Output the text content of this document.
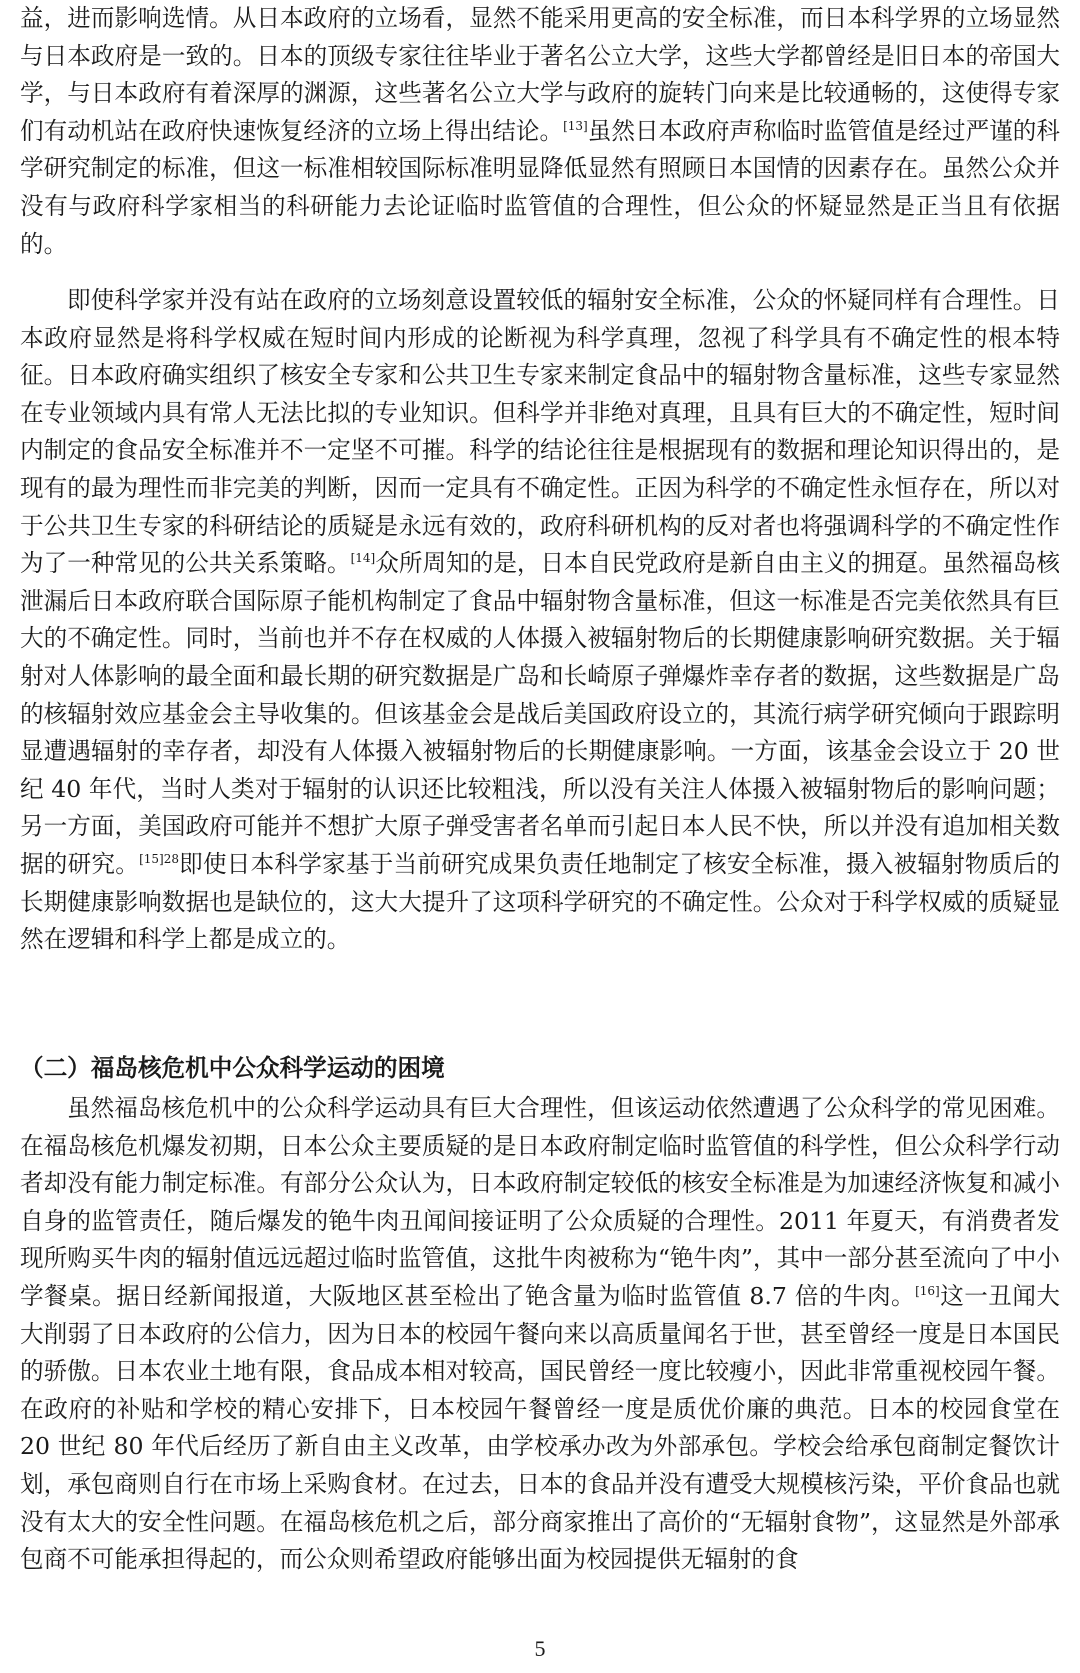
益，进而影响选情。从日本政府的立场看，显然不能采用更高的安全标准，而日本科学界的立场显然与日本政府是一致的。日本的顶级专家往往毕业于著名公立大学，这些大学都曾经是旧日本的帝国大学，与日本政府有着深厚的渊源，这些著名公立大学与政府的旋转门向来是比较通畅的，这使得专家们有动机站在政府快速恢复经济的立场上得出结论。[13]虽然日本政府声称临时监管值是经过严谨的科学研究制定的标准，但这一标准相较国际标准明显降低显然有照顾日本国情的因素存在。虽然公众并没有与政府科学家相当的科研能力去论证临时监管值的合理性，但公众的怀疑显然是正当且有依据的。
即使科学家并没有站在政府的立场刻意设置较低的辐射安全标准，公众的怀疑同样有合理性。日本政府显然是将科学权威在短时间内形成的论断视为科学真理，忽视了科学具有不确定性的根本特征。日本政府确实组织了核安全专家和公共卫生专家来制定食品中的辐射物含量标准，这些专家显然在专业领域内具有常人无法比拟的专业知识。但科学并非绝对真理，且具有巨大的不确定性，短时间内制定的食品安全标准并不一定坚不可摧。科学的结论往往是根据现有的数据和理论知识得出的，是现有的最为理性而非完美的判断，因而一定具有不确定性。正因为科学的不确定性永恒存在，所以对于公共卫生专家的科研结论的质疑是永远有效的，政府科研机构的反对者也将强调科学的不确定性作为了一种常见的公共关系策略。[14]众所周知的是，日本自民党政府是新自由主义的拥趸。虽然福岛核泄漏后日本政府联合国际原子能机构制定了食品中辐射物含量标准，但这一标准是否完美依然具有巨大的不确定性。同时，当前也并不存在权威的人体摄入被辐射物后的长期健康影响研究数据。关于辐射对人体影响的最全面和最长期的研究数据是广岛和长崎原子弹爆炸幸存者的数据，这些数据是广岛的核辐射效应基金会主导收集的。但该基金会是战后美国政府设立的，其流行病学研究倾向于跟踪明显遭遇辐射的幸存者，却没有人体摄入被辐射物后的长期健康影响。一方面，该基金会设立于 20 世纪 40 年代，当时人类对于辐射的认识还比较粗浅，所以没有关注人体摄入被辐射物后的影响问题；另一方面，美国政府可能并不想扩大原子弹受害者名单而引起日本人民不快，所以并没有追加相关数据的研究。$^{[15]28}$即使日本科学家基于当前研究成果负责任地制定了核安全标准，摄入被辐射物质后的长期健康影响数据也是缺位的，这大大提升了这项科学研究的不确定性。公众对于科学权威的质疑显然在逻辑和科学上都是成立的。
（二）福岛核危机中公众科学运动的困境
虽然福岛核危机中的公众科学运动具有巨大合理性，但该运动依然遭遇了公众科学的常见困难。在福岛核危机爆发初期，日本公众主要质疑的是日本政府制定临时监管值的科学性，但公众科学行动者却没有能力制定标准。有部分公众认为，日本政府制定较低的核安全标准是为加速经济恢复和减小自身的监管责任，随后爆发的铯牛肉丑闻间接证明了公众质疑的合理性。2011 年夏天，有消费者发现所购买牛肉的辐射值远远超过临时监管值，这批牛肉被称为“铯牛肉”，其中一部分甚至流向了中小学餐桌。据日经新闻报道，大阪地区甚至检出了铯含量为临时监管值 8.7 倍的牛肉。[16]这一丑闻大大削弱了日本政府的公信力，因为日本的校园午餐向来以高质量闻名于世，甚至曾经一度是日本国民的骄傲。日本农业土地有限，食品成本相对较高，国民曾经一度比较瘦小，因此非常重视校园午餐。在政府的补贴和学校的精心安排下，日本校园午餐曾经一度是质优价廉的典范。日本的校园食堂在 20 世纪 80 年代后经历了新自由主义改革，由学校承办改为外部承包。学校会给承包商制定餐饮计划，承包商则自行在市场上采购食材。在过去，日本的食品并没有遭受大规模核污染，平价食品也就没有太大的安全性问题。在福岛核危机之后，部分商家推出了高价的“无辐射食物”，这显然是外部承包商不可能承担得起的，而公众则希望政府能够出面为校园提供无辐射的食
5
